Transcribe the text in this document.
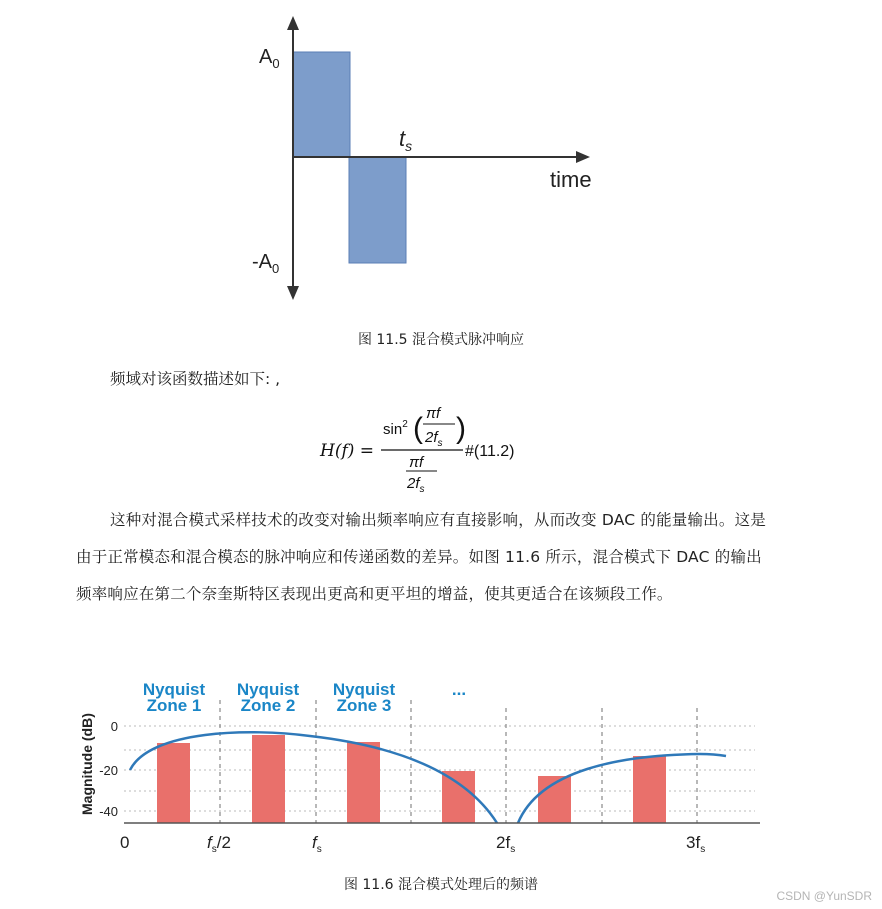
$A_0$
$-A_0$
$t_s$
time
图 11.5 混合模式脉冲响应
频域对该函数描述如下: ,
H(f) =
$\sin^2$ ( πf
$2f_s$ )
πf
$2f_s$
#(11.2)
这种对混合模式采样技术的改变对输出频率响应有直接影响，从而改变 DAC 的能量输出。这是由于正常模态和混合模态的脉冲响应和传递函数的差异。如图 11.6 所示，混合模式下 DAC 的输出频率响应在第二个奈奎斯特区表现出更高和更平坦的增益，使其更适合在该频段工作。
Nyquist
Zone 1
Nyquist
Zone 2
Nyquist
Zone 3
...
Magnitude (dB) 0
-20
-40
0	$f_s/2$	$f_s$	$2f_s$	$3f_s$
图 11.6 混合模式处理后的频谱
CSDN @YunSDR
